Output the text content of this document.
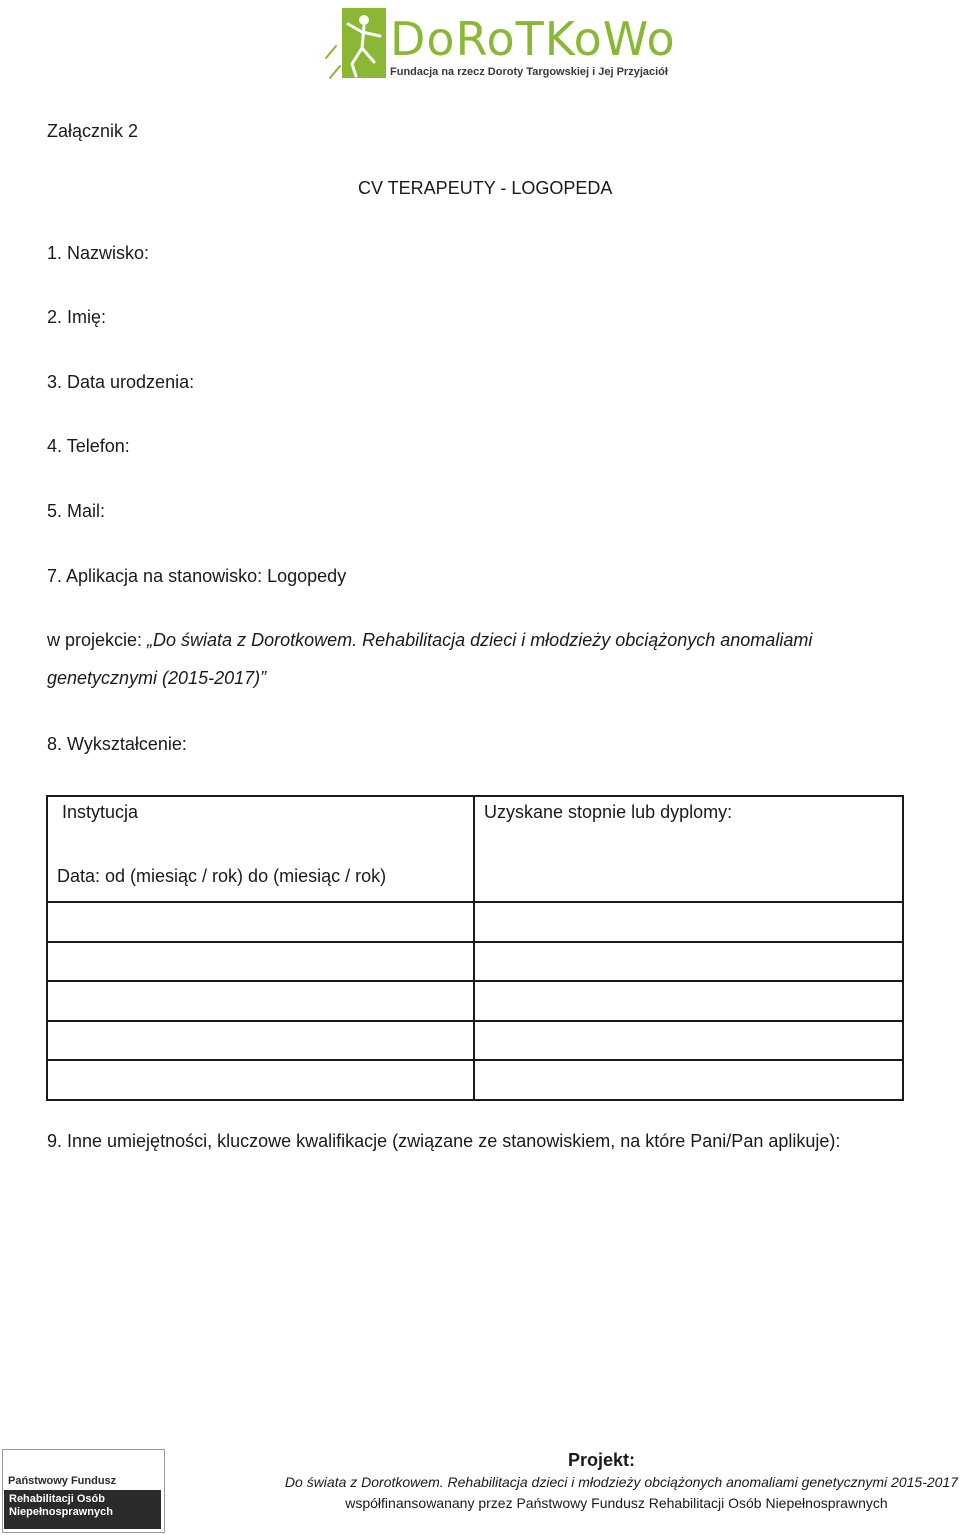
DoRoTKoWo
Fundacja na rzecz Doroty Targowskiej i Jej Przyjaciół
Załącznik 2
CV TERAPEUTY - LOGOPEDA
1. Nazwisko:
2. Imię:
3. Data urodzenia:
4. Telefon:
5. Mail:
7. Aplikacja na stanowisko: Logopedy
w projekcie: „Do świata z Dorotkowem. Rehabilitacja dzieci i młodzieży obciążonych anomaliami
genetycznymi (2015-2017)”
8. Wykształcenie:
Instytucja
Data: od (miesiąc / rok) do (miesiąc / rok)	Uzyskane stopnie lub dyplomy:

9. Inne umiejętności, kluczowe kwalifikacje (związane ze stanowiskiem, na które Pani/Pan aplikuje):
Państwowy Fundusz
Rehabilitacji Osób
Niepełnosprawnych
Projekt:
Do świata z Dorotkowem. Rehabilitacja dzieci i młodzieży obciążonych anomaliami genetycznymi 2015-2017
współfinansowanany przez Państwowy Fundusz Rehabilitacji Osób Niepełnosprawnych
